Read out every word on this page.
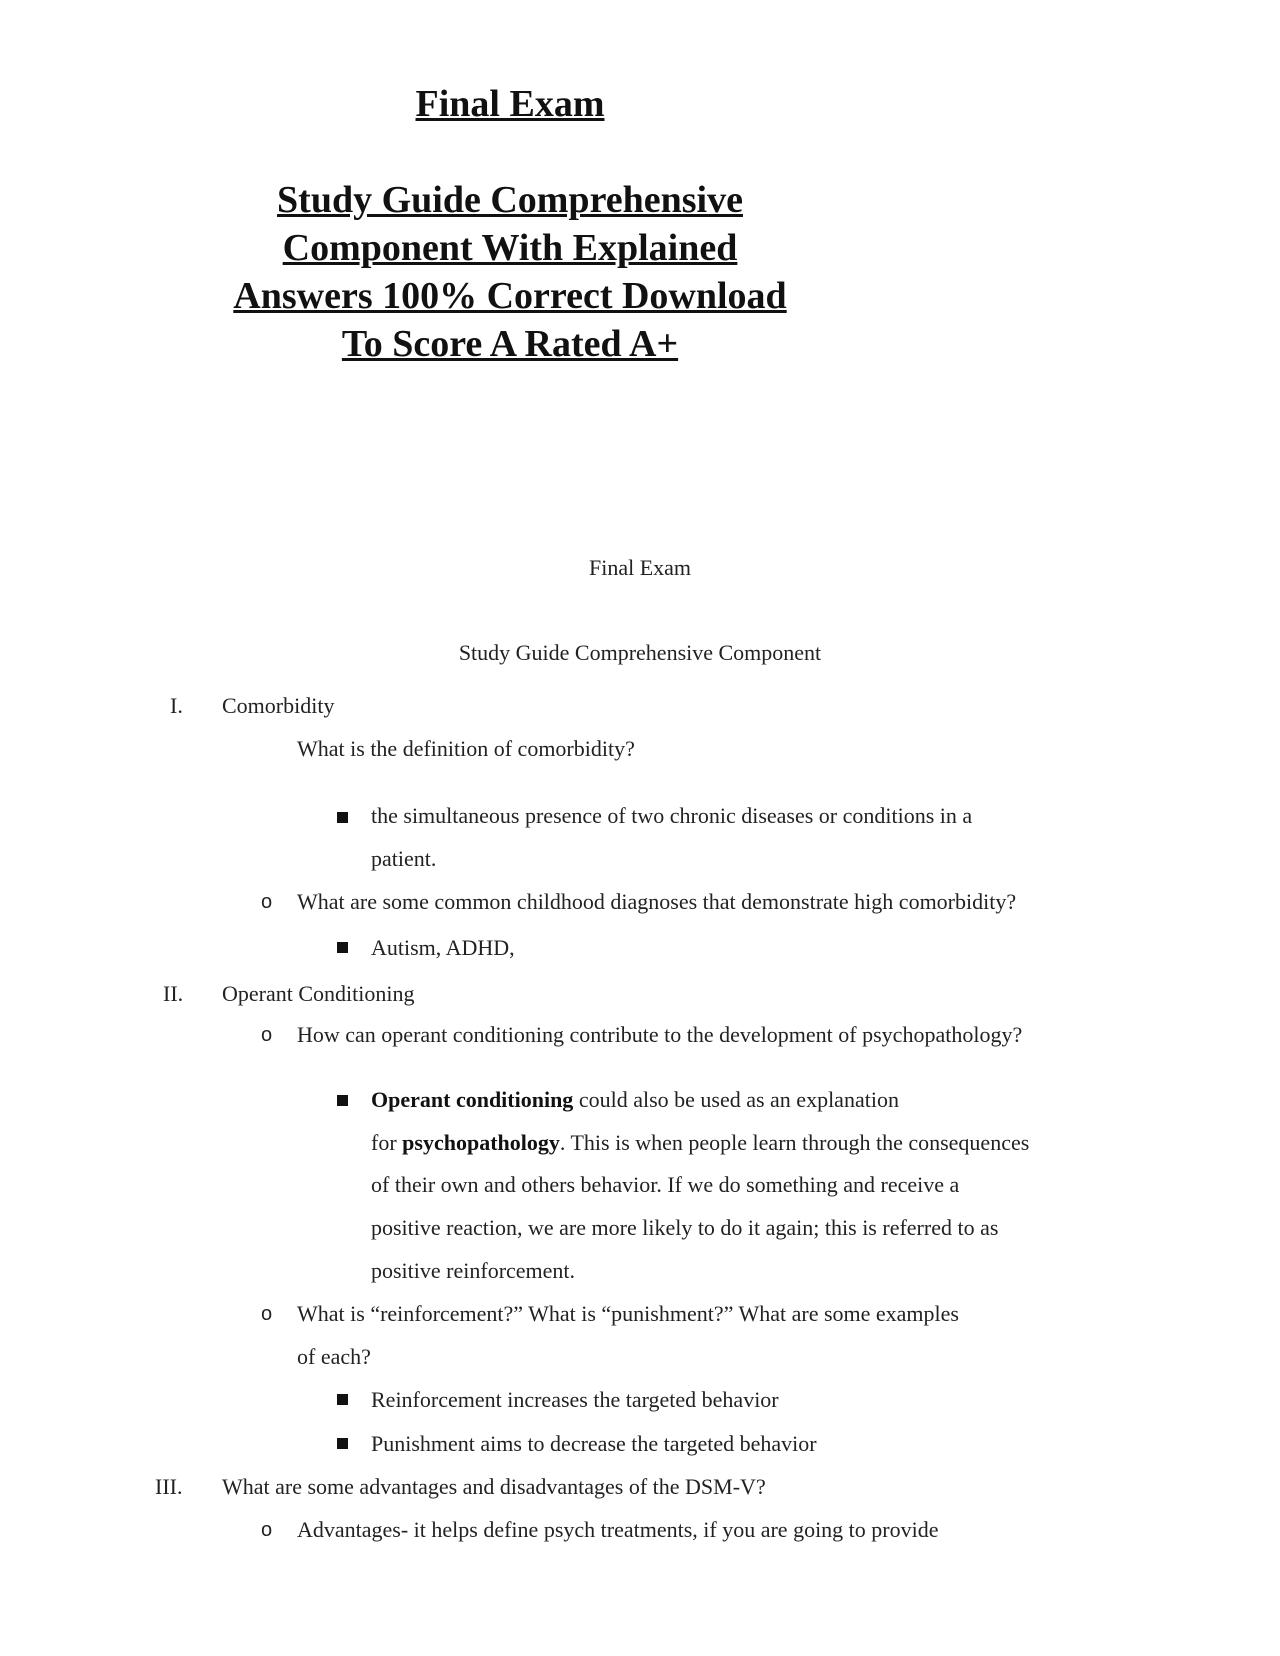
Final Exam
Study Guide Comprehensive
Component With Explained
Answers 100% Correct Download
To Score A Rated A+
Final Exam
Study Guide Comprehensive Component
I. Comorbidity
What is the definition of comorbidity?
the simultaneous presence of two chronic diseases or conditions in a
patient.
o What are some common childhood diagnoses that demonstrate high comorbidity?
Autism, ADHD,
II. Operant Conditioning
o How can operant conditioning contribute to the development of psychopathology?
Operant conditioning could also be used as an explanation
for psychopathology. This is when people learn through the consequences
of their own and others behavior. If we do something and receive a
positive reaction, we are more likely to do it again; this is referred to as
positive reinforcement.
o What is “reinforcement?” What is “punishment?” What are some examples
of each?
Reinforcement increases the targeted behavior
Punishment aims to decrease the targeted behavior
III. What are some advantages and disadvantages of the DSM-V?
o Advantages- it helps define psych treatments, if you are going to provide
